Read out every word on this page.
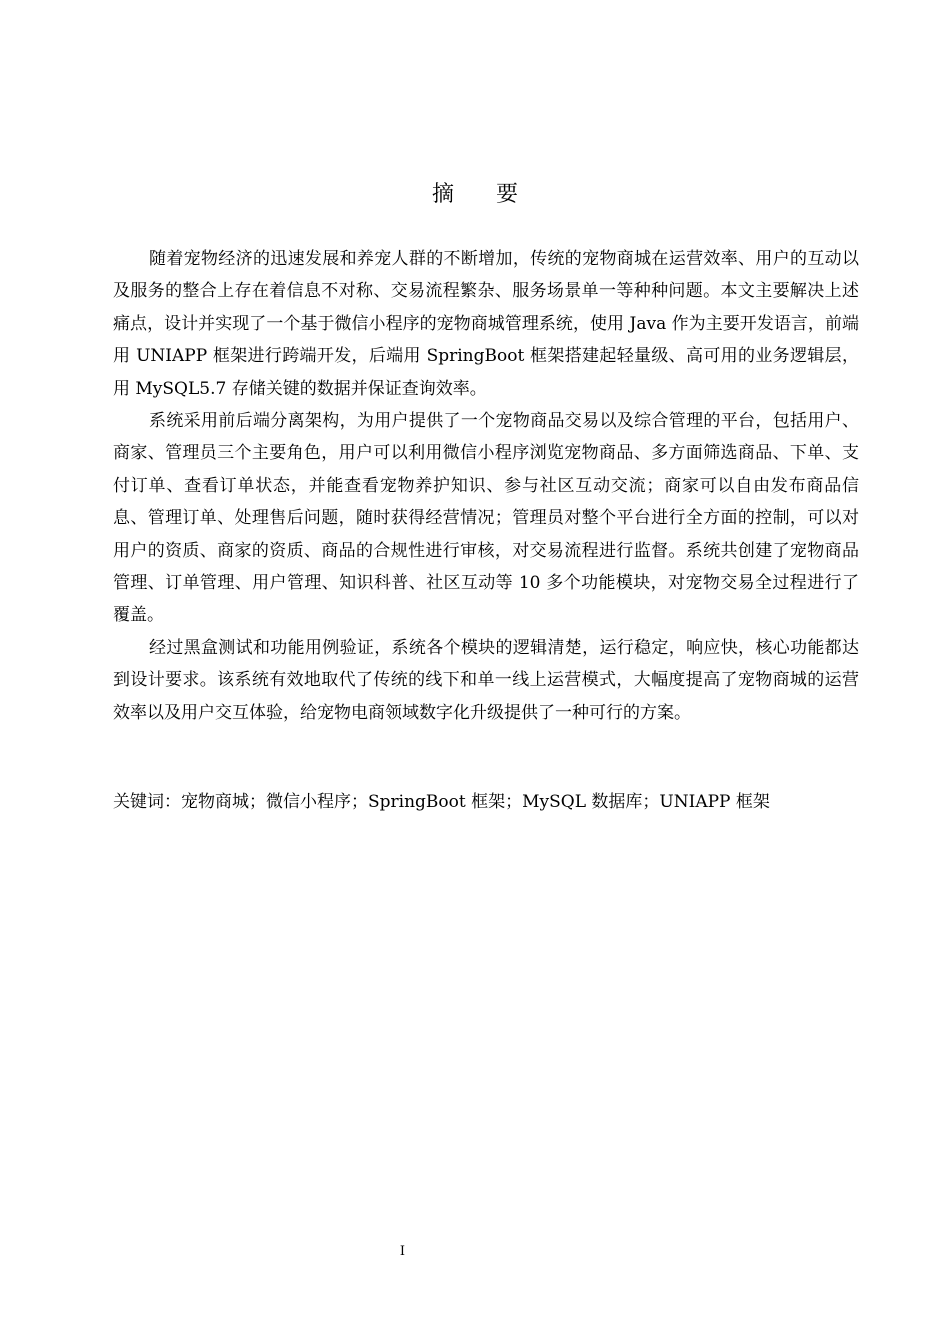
摘要

随着宠物经济的迅速发展和养宠人群的不断增加，传统的宠物商城在运营效率、用户的互动以及服务的整合上存在着信息不对称、交易流程繁杂、服务场景单一等种种问题。本文主要解决上述痛点，设计并实现了一个基于微信小程序的宠物商城管理系统，使用 Java 作为主要开发语言，前端用 UNIAPP 框架进行跨端开发，后端用 SpringBoot 框架搭建起轻量级、高可用的业务逻辑层，用 MySQL5.7 存储关键的数据并保证查询效率。

系统采用前后端分离架构，为用户提供了一个宠物商品交易以及综合管理的平台，包括用户、商家、管理员三个主要角色，用户可以利用微信小程序浏览宠物商品、多方面筛选商品、下单、支付订单、查看订单状态，并能查看宠物养护知识、参与社区互动交流；商家可以自由发布商品信息、管理订单、处理售后问题，随时获得经营情况；管理员对整个平台进行全方面的控制，可以对用户的资质、商家的资质、商品的合规性进行审核，对交易流程进行监督。系统共创建了宠物商品管理、订单管理、用户管理、知识科普、社区互动等 10 多个功能模块，对宠物交易全过程进行了覆盖。

经过黑盒测试和功能用例验证，系统各个模块的逻辑清楚，运行稳定，响应快，核心功能都达到设计要求。该系统有效地取代了传统的线下和单一线上运营模式，大幅度提高了宠物商城的运营效率以及用户交互体验，给宠物电商领域数字化升级提供了一种可行的方案。

关键词：宠物商城；微信小程序；SpringBoot 框架；MySQL 数据库；UNIAPP 框架
I
